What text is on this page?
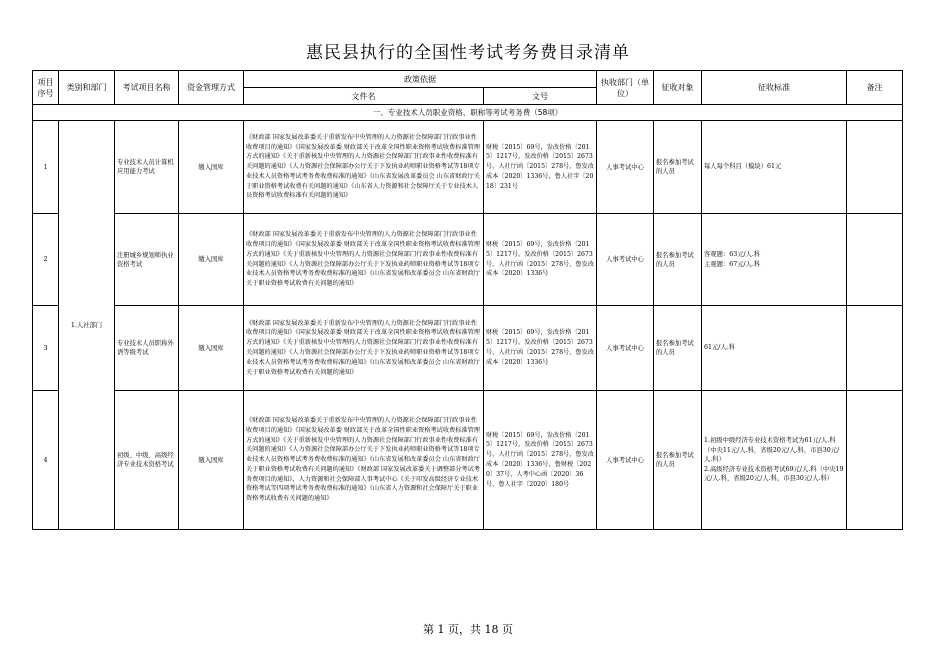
惠民县执行的全国性考试考务费目录清单
项目序号	类别和部门	考试项目名称	资金管理方式	政策依据		执收部门（单位）	征收对象	征收标准	备注
				文件名	文号				
一、专业技术人员职业资格、职称等考试考务费（58项）									
1	1.人社部门	专业技术人员计算机应用能力考试	缴入国库	《财政部 国家发展改革委关于重新发布中央管理的人力资源社会保障部门行政事业性收费项目的通知》《国家发展改革委 财政部关于改革全国性职业资格考试收费标准管理方式的通知》《关于重新核发中央管理的人力资源社会保障部门行政事业性收费标准有关问题的通知》《人力资源社会保障部办公厅关于下发执业药师职业资格考试等18项专业技术人员资格考试考务费收费标准的通知》《山东省发展改革委员会 山东省财政厅关于职业资格考试收费有关问题的通知》《山东省人力资源和社会保障厅关于专业技术人员资格考试收费标准有关问题的通知》	财税〔2015〕69号，发改价格〔2015〕1217号，发改价格〔2015〕2673号，人社厅函〔2015〕278号，鲁发改成本〔2020〕1336号，鲁人社字〔2018〕231号	人事考试中心	报名参加考试的人员	每人每个科目（模块）61元	
2		注册城乡规划师执业资格考试	缴入国库	《财政部 国家发展改革委关于重新发布中央管理的人力资源社会保障部门行政事业性收费项目的通知》《国家发展改革委 财政部关于改革全国性职业资格考试收费标准管理方式的通知》《关于重新核发中央管理的人力资源社会保障部门行政事业性收费标准有关问题的通知》《人力资源社会保障部办公厅关于下发执业药师职业资格考试等18项专业技术人员资格考试考务费收费标准的通知》《山东省发展和改革委员会 山东省财政厅关于职业资格考试收费有关问题的通知》	财税〔2015〕69号，发改价格〔2015〕1217号，发改价格〔2015〕2673号，人社厅函〔2015〕278号，鲁发改成本〔2020〕1336号	人事考试中心	报名参加考试的人员	客观题：63元/人.科
主观题：67元/人.科	
3		专业技术人员职称外语等级考试	缴入国库	《财政部 国家发展改革委关于重新发布中央管理的人力资源社会保障部门行政事业性收费项目的通知》《国家发展改革委 财政部关于改革全国性职业资格考试收费标准管理方式的通知》《关于重新核发中央管理的人力资源社会保障部门行政事业性收费标准有关问题的通知》《人力资源社会保障部办公厅关于下发执业药师职业资格考试等18项专业技术人员资格考试考务费收费标准的通知》《山东省发展和改革委员会 山东省财政厅关于职业资格考试收费有关问题的通知》	财税〔2015〕69号，发改价格〔2015〕1217号，发改价格〔2015〕2673号，人社厅函〔2015〕278号，鲁发改成本〔2020〕1336号	人事考试中心	报名参加考试的人员	61元/人.科	
4		初级、中级、高级经济专业技术资格考试	缴入国库	《财政部 国家发展改革委关于重新发布中央管理的人力资源社会保障部门行政事业性收费项目的通知》《国家发展改革委 财政部关于改革全国性职业资格考试收费标准管理方式的通知》《关于重新核发中央管理的人力资源社会保障部门行政事业性收费标准有关问题的通知》《人力资源社会保障部办公厅关于下发执业药师职业资格考试等18项专业技术人员资格考试考务费收费标准的通知》《山东省发展和改革委员会 山东省财政厅关于职业资格考试收费有关问题的通知》《财政部 国家发展改革委关于调整部分考试考务费项目的通知》，人力资源和社会保障部人事考试中心《关于印发高级经济专业技术资格考试等四项考试考务费收费标准的通知》《山东省人力资源和社会保障厅关于职业资格考试收费有关问题的通知》	财税〔2015〕69号，发改价格〔2015〕1217号，发改价格〔2015〕2673号，人社厅函〔2015〕278号，鲁发改成本〔2020〕1336号，鲁财税〔2020〕37号，人考中心函〔2020〕36号，鲁人社字〔2020〕180号	人事考试中心	报名参加考试的人员	1.初级中级经济专业技术资格考试为61元/人.科（中央11元/人.科，省级20元/人.科，市县30元/人.科）
2.高级经济专业技术资格考试69元/人.科（中央19元/人.科，省级20元/人.科，市县30元/人.科）	
第 1 页，共 18 页
